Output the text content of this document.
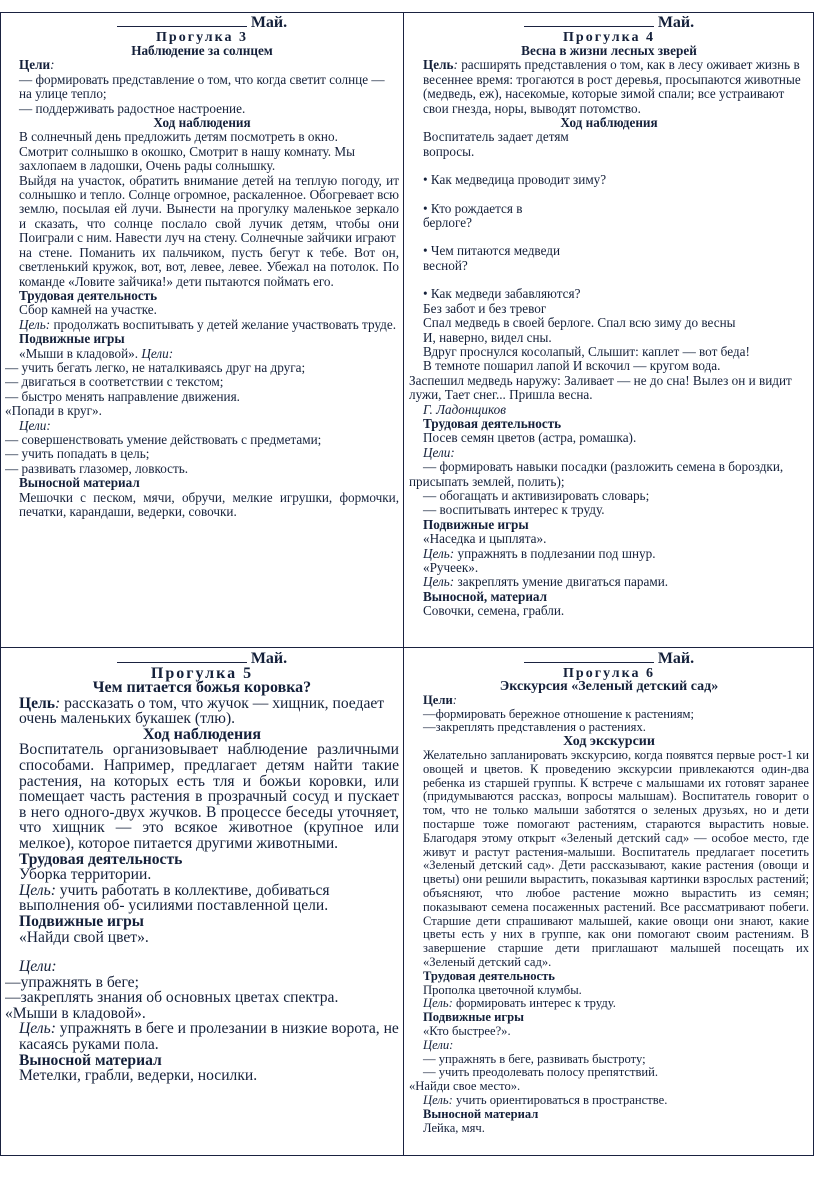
Май.

Прогулка 3

Наблюдение за солнцем

Цели:

— формировать представление о том, что когда светит солнце — на улице тепло;

— поддерживать радостное настроение.

Ход наблюдения

В солнечный день предложить детям посмотреть в окно.

Смотрит солнышко в окошко, Смотрит в нашу комнату. Мы захлопаем в ладошки, Очень рады солнышку.

Выйдя на участок, обратить внимание детей на теплую погоду, ит солнышко и тепло. Солнце огромное, раскаленное. Обогревает всю землю, посылая ей лучи. Вынести на прогулку маленькое зеркало и сказать, что солнце послало свой лучик детям, чтобы они Поиграли с ним. Навести луч на стену. Солнечные зайчики играют

на стене. Поманить их пальчиком, пусть бегут к тебе. Вот он, светленький кружок, вот, вот, левее, левее. Убежал на потолок. По команде «Ловите зайчика!» дети пытаются поймать его.

Трудовая деятельность

Сбор камней на участке.

Цель: продолжать воспитывать у детей желание участвовать труде.

Подвижные игры

«Мыши в кладовой». Цели:

— учить бегать легко, не наталкиваясь друг на друга;

— двигаться в соответствии с текстом;

— быстро менять направление движения.

«Попади в круг».

Цели:

— совершенствовать умение действовать с предметами;

— учить попадать в цель;

— развивать глазомер, ловкость.

Выносной материал

Мешочки с песком, мячи, обручи, мелкие игрушки, формочки, печатки, карандаши, ведерки, совочки.

Май.

Прогулка 4

Весна в жизни лесных зверей

Цель: расширять представления о том, как в лесу оживает жизнь в весеннее время: трогаются в рост деревья, просыпаются животные (медведь, еж), насекомые, которые зимой спали; все устраивают свои гнезда, норы, выводят потомство.

Ход наблюдения

Воспитатель задает детям вопросы.

• Как медведица проводит зиму?

• Кто рождается в берлоге?

• Чем питаются медведи весной?

• Как медведи забавляются?

Без забот и без тревог

Спал медведь в своей берлоге. Спал всю зиму до весны

И, наверно, видел сны.

Вдруг проснулся косолапый, Слышит: каплет — вот беда!

В темноте пошарил лапой И вскочил — кругом вода.

Заспешил медведь наружу: Заливает — не до сна! Вылез он и видит лужи, Тает снег... Пришла весна.

Г. Ладонщиков

Трудовая деятельность

Посев семян цветов (астра, ромашка).

Цели:

— формировать навыки посадки (разложить семена в бороздки,

присыпать землей, полить);

— обогащать и активизировать словарь;

— воспитывать интерес к труду.

Подвижные игры

«Наседка и цыплята».

Цель: упражнять в подлезании под шнур.

«Ручеек».

Цель: закреплять умение двигаться парами.

Выносной, материал

Совочки, семена, грабли.

Май.

Прогулка 5

Чем питается божья коровка?

Цель: рассказать о том, что жучок — хищник, поедает очень маленьких букашек (тлю).

Ход наблюдения

Воспитатель организовывает наблюдение различными способами. Например, предлагает детям найти такие растения, на которых есть тля и божьи коровки, или помещает часть растения в прозрачный сосуд и пускает в него одного-двух жучков. В процессе беседы уточняет, что хищник — это всякое животное (крупное или мелкое), которое питается другими животными.

Трудовая деятельность

Уборка территории.

Цель: учить работать в коллективе, добиваться выполнения об- усилиями поставленной цели.

Подвижные игры

«Найди свой цвет».

Цели:

—упражнять в беге;

—закреплять знания об основных цветах спектра.

«Мыши в кладовой».

Цель: упражнять в беге и пролезании в низкие ворота, не касаясь руками пола.

Выносной материал

Метелки, грабли, ведерки, носилки.

Май.

Прогулка 6

Экскурсия «Зеленый детский сад»

Цели:

—формировать бережное отношение к растениям;

—закреплять представления о растениях.

Ход экскурсии

Желательно запланировать экскурсию, когда появятся первые рост-1 ки овощей и цветов. К проведению экскурсии привлекаются один-два ребенка из старшей группы. К встрече с малышами их готовят заранее (придумываются рассказ, вопросы малышам). Воспитатель говорит о том, что не только малыши заботятся о зеленых друзьях, но и дети постарше тоже помогают растениям, стараются вырастить новые. Благодаря этому открыт «Зеленый детский сад» — особое место, где живут и растут растения-малыши. Воспитатель предлагает посетить «Зеленый детский сад». Дети рассказывают, какие растения (овощи и цветы) они решили вырастить, показывая картинки взрослых растений; объясняют, что любое растение можно вырастить из семян; показывают семена посаженных растений. Все рассматривают побеги. Старшие дети спрашивают малышей, какие овощи они знают, какие цветы есть у них в группе, как они помогают своим растениям. В завершение старшие дети приглашают малышей посещать их «Зеленый детский сад».

Трудовая деятельность

Прополка цветочной клумбы.

Цель: формировать интерес к труду.

Подвижные игры

«Кто быстрее?».

Цели:

— упражнять в беге, развивать быстроту;

— учить преодолевать полосу препятствий.

«Найди свое место».

Цель: учить ориентироваться в пространстве.

Выносной материал

Лейка, мяч.
